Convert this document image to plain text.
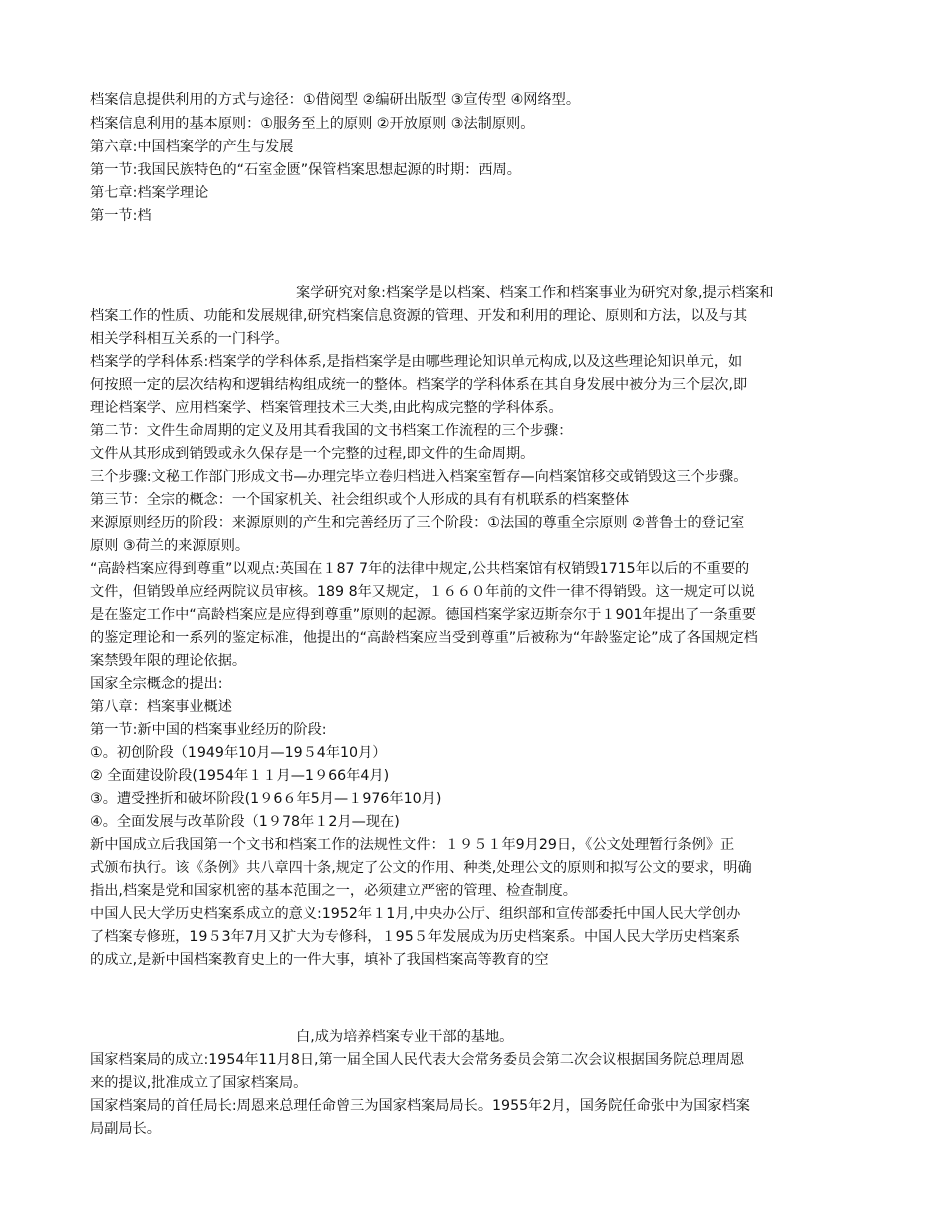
档案信息提供利用的方式与途径：①借阅型 ②编研出版型 ③宣传型 ④网络型。
档案信息利用的基本原则：①服务至上的原则 ②开放原则 ③法制原则。
第六章:中国档案学的产生与发展
第一节:我国民族特色的“石室金匮”保管档案思想起源的时期：西周。
第七章:档案学理论
第一节:档
案学研究对象:档案学是以档案、档案工作和档案事业为研究对象,提示档案和
档案工作的性质、功能和发展规律,研究档案信息资源的管理、开发和利用的理论、原则和方法，以及与其
相关学科相互关系的一门科学。
档案学的学科体系:档案学的学科体系,是指档案学是由哪些理论知识单元构成,以及这些理论知识单元，如
何按照一定的层次结构和逻辑结构组成统一的整体。档案学的学科体系在其自身发展中被分为三个层次,即
理论档案学、应用档案学、档案管理技术三大类,由此构成完整的学科体系。
第二节：文件生命周期的定义及用其看我国的文书档案工作流程的三个步骤：
文件从其形成到销毁或永久保存是一个完整的过程,即文件的生命周期。
三个步骤:文秘工作部门形成文书—办理完毕立卷归档进入档案室暂存—向档案馆移交或销毁这三个步骤。
第三节：全宗的概念：一个国家机关、社会组织或个人形成的具有有机联系的档案整体
来源原则经历的阶段：来源原则的产生和完善经历了三个阶段：①法国的尊重全宗原则 ②普鲁士的登记室
原则 ③荷兰的来源原则。
“高龄档案应得到尊重”以观点:英国在１87 7年的法律中规定,公共档案馆有权销毁1715年以后的不重要的
文件，但销毁单应经两院议员审核。189 8年又规定，１６６０年前的文件一律不得销毁。这一规定可以说
是在鉴定工作中“高龄档案应是应得到尊重”原则的起源。德国档案学家迈斯奈尔于１901年提出了一条重要
的鉴定理论和一系列的鉴定标准，他提出的“高龄档案应当受到尊重”后被称为“年龄鉴定论”成了各国规定档
案禁毁年限的理论依据。
国家全宗概念的提出:
第八章：档案事业概述
第一节:新中国的档案事业经历的阶段:
①。初创阶段（1949年10月—19５4年10月）
② 全面建设阶段(1954年１１月—1９66年4月)
③。遭受挫折和破坏阶段(1９6６年5月—１976年10月)
④。全面发展与改革阶段（1９78年１2月—现在)
新中国成立后我国第一个文书和档案工作的法规性文件：１９５１年9月29日，《公文处理暂行条例》正
式颁布执行。该《条例》共八章四十条,规定了公文的作用、种类,处理公文的原则和拟写公文的要求，明确
指出,档案是党和国家机密的基本范围之一，必须建立严密的管理、检查制度。
中国人民大学历史档案系成立的意义:1952年１1月,中央办公厅、组织部和宣传部委托中国人民大学创办
了档案专修班，19５3年7月又扩大为专修科，１95５年发展成为历史档案系。中国人民大学历史档案系
的成立,是新中国档案教育史上的一件大事，填补了我国档案高等教育的空
白,成为培养档案专业干部的基地。
国家档案局的成立:1954年11月8日,第一届全国人民代表大会常务委员会第二次会议根据国务院总理周恩
来的提议,批准成立了国家档案局。
国家档案局的首任局长:周恩来总理任命曾三为国家档案局局长。1955年2月，国务院任命张中为国家档案
局副局长。
